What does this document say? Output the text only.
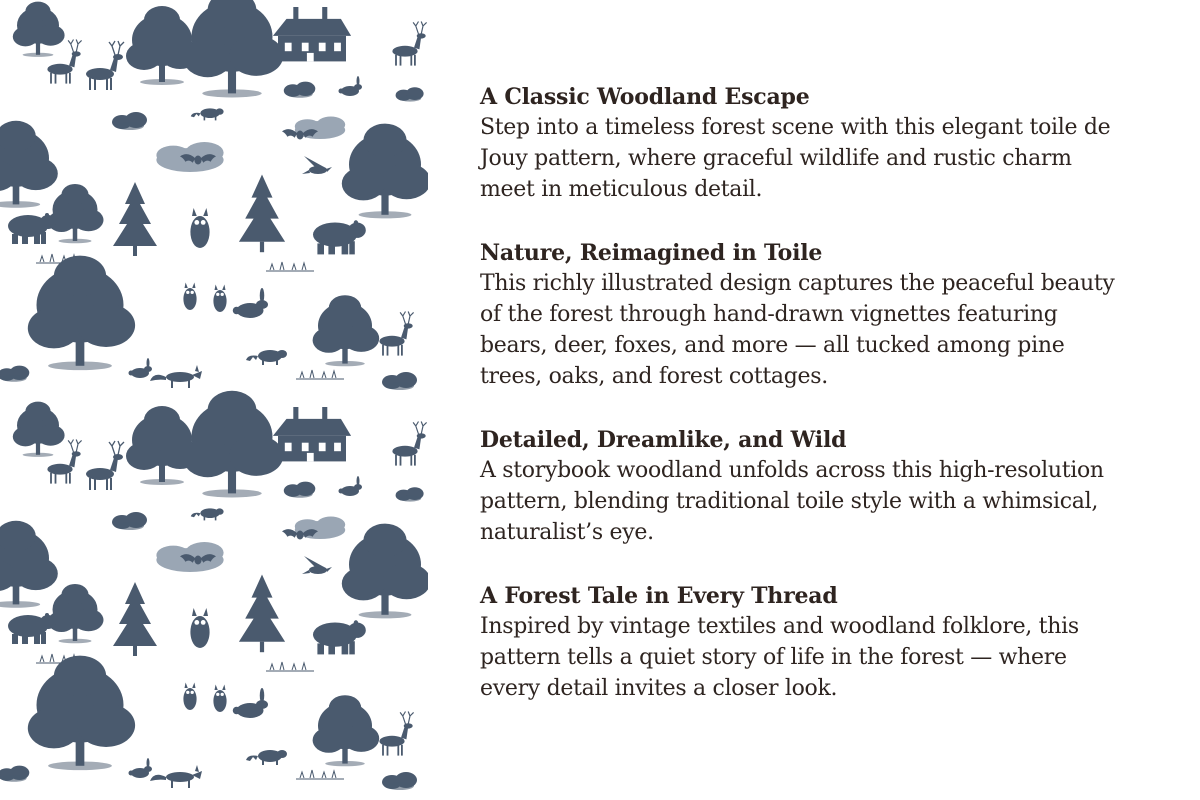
A Classic Woodland Escape

Step into a timeless forest scene with this elegant toile de Jouy pattern, where graceful wildlife and rustic charm meet in meticulous detail.

Nature, Reimagined in Toile

This richly illustrated design captures the peaceful beauty of the forest through hand-drawn vignettes featuring bears, deer, foxes, and more — all tucked among pine trees, oaks, and forest cottages.

Detailed, Dreamlike, and Wild

A storybook woodland unfolds across this high-resolution pattern, blending traditional toile style with a whimsical, naturalist’s eye.

A Forest Tale in Every Thread

Inspired by vintage textiles and woodland folklore, this pattern tells a quiet story of life in the forest — where every detail invites a closer look.
